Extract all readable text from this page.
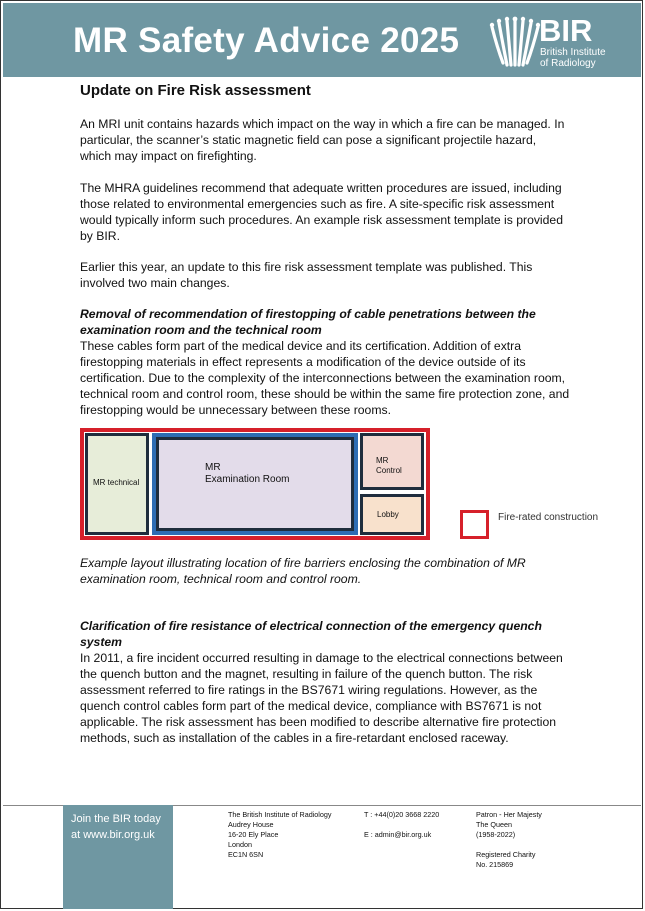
MR Safety Advice 2025	BIR
British Institute
of Radiology
Update on Fire Risk assessment
An MRI unit contains hazards which impact on the way in which a fire can be managed. In particular, the scanner’s static magnetic field can pose a significant projectile hazard, which may impact on firefighting.
The MHRA guidelines recommend that adequate written procedures are issued, including those related to environmental emergencies such as fire. A site-specific risk assessment would typically inform such procedures. An example risk assessment template is provided by BIR.
Earlier this year, an update to this fire risk assessment template was published. This involved two main changes.
Removal of recommendation of firestopping of cable penetrations between the examination room and the technical room
These cables form part of the medical device and its certification. Addition of extra firestopping materials in effect represents a modification of the device outside of its certification. Due to the complexity of the interconnections between the examination room, technical room and control room, these should be within the same fire protection zone, and firestopping would be unnecessary between these rooms.
MR technical
MR
Examination Room
MR
Control
Lobby	Fire-rated construction
Example layout illustrating location of fire barriers enclosing the combination of MR examination room, technical room and control room.
Clarification of fire resistance of electrical connection of the emergency quench system
In 2011, a fire incident occurred resulting in damage to the electrical connections between the quench button and the magnet, resulting in failure of the quench button. The risk assessment referred to fire ratings in the BS7671 wiring regulations. However, as the quench control cables form part of the medical device, compliance with BS7671 is not applicable. The risk assessment has been modified to describe alternative fire protection methods, such as installation of the cables in a fire-retardant enclosed raceway.
Join the BIR today
at www.bir.org.uk
The British Institute of Radiology
Audrey House
16-20 Ely Place
London
EC1N 6SN
T : +44(0)20 3668 2220
E : admin@bir.org.uk
Patron - Her Majesty
The Queen
(1958-2022)
Registered Charity
No. 215869
